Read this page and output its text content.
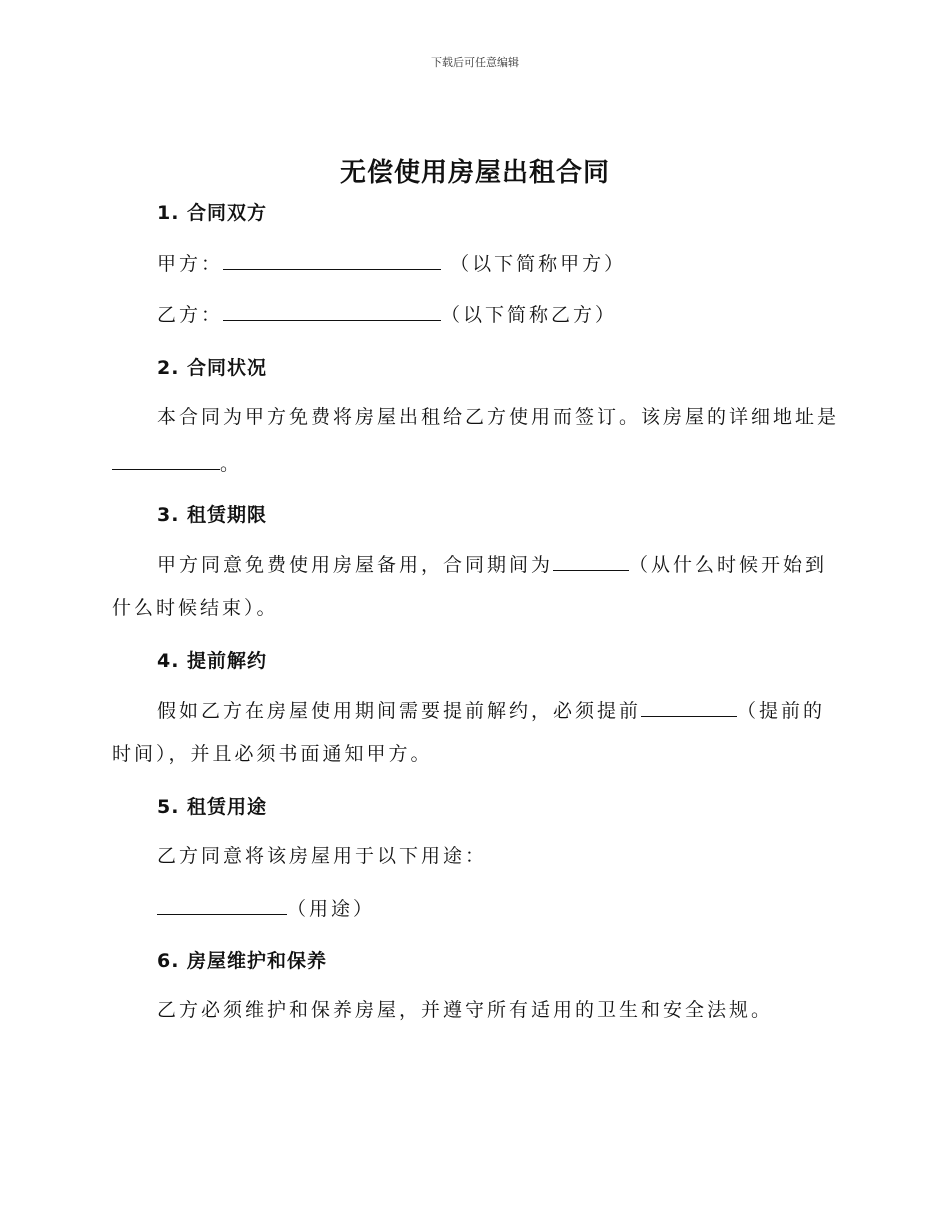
下载后可任意编辑
无偿使用房屋出租合同
1. 合同双方
甲方：	（以下简称甲方）
乙方：	（以下简称乙方）
2. 合同状况
本合同为甲方免费将房屋出租给乙方使用而签订。该房屋的详细地址是
。
3. 租赁期限
甲方同意免费使用房屋备用，合同期间为	（从什么时候开始到
什么时候结束）。
4. 提前解约
假如乙方在房屋使用期间需要提前解约，必须提前	（提前的
时间），并且必须书面通知甲方。
5. 租赁用途
乙方同意将该房屋用于以下用途：
（用途）
6. 房屋维护和保养
乙方必须维护和保养房屋，并遵守所有适用的卫生和安全法规。
